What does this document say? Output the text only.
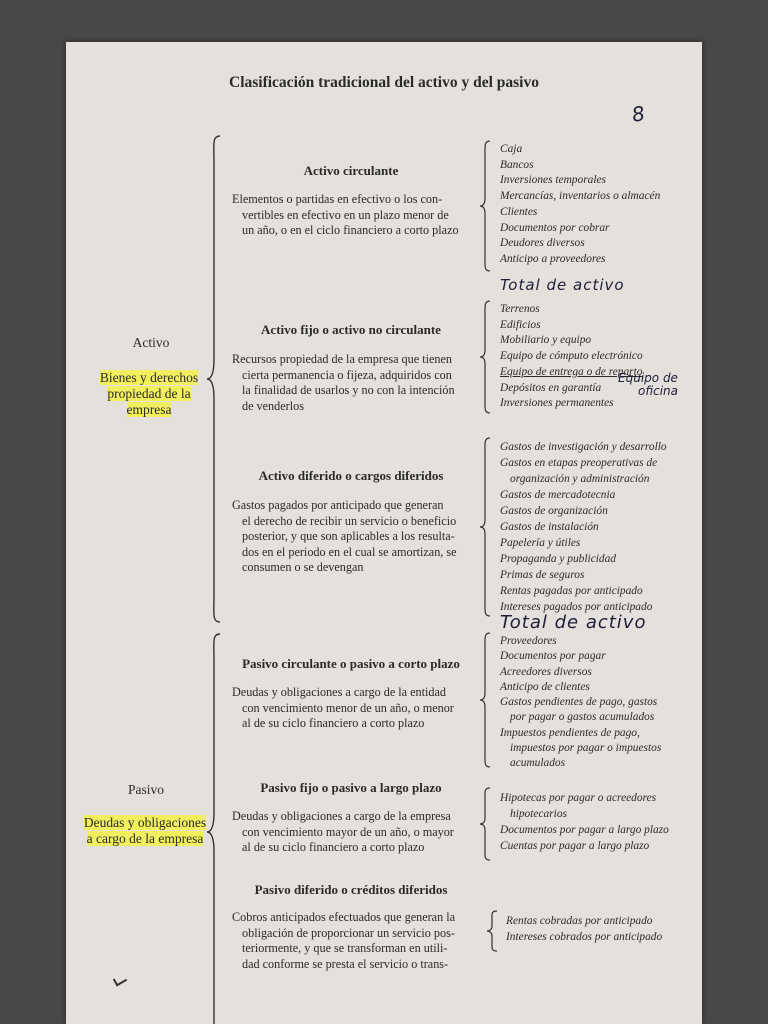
Clasificación tradicional del activo y del pasivo
8
Activo
Bienes y derechos
propiedad de la empresa
Pasivo
Deudas y obligaciones
a cargo de la empresa
Activo circulante
Elementos o partidas en efectivo o los con-
vertibles en efectivo en un plazo menor de
un año, o en el ciclo financiero a corto plazo
Caja
Bancos
Inversiones temporales
Mercancías, inventarios o almacén
Clientes
Documentos por cobrar
Deudores diversos
Anticipo a proveedores
Total de activo
Activo fijo o activo no circulante
Recursos propiedad de la empresa que tienen
cierta permanencia o fijeza, adquiridos con
la finalidad de usarlos y no con la intención
de venderlos
Terrenos
Edificios
Mobiliario y equipo
Equipo de cómputo electrónico
Equipo de entrega o de reparto
Depósitos en garantía
Inversiones permanentes
Equipo de
oficina
Activo diferido o cargos diferidos
Gastos pagados por anticipado que generan
el derecho de recibir un servicio o beneficio
posterior, y que son aplicables a los resulta-
dos en el periodo en el cual se amortizan, se
consumen o se devengan
Gastos de investigación y desarrollo
Gastos en etapas preoperativas de
organización y administración
Gastos de mercadotecnia
Gastos de organización
Gastos de instalación
Papelería y útiles
Propaganda y publicidad
Primas de seguros
Rentas pagadas por anticipado
Intereses pagados por anticipado
Total de activo
Pasivo circulante o pasivo a corto plazo
Deudas y obligaciones a cargo de la entidad
con vencimiento menor de un año, o menor
al de su ciclo financiero a corto plazo
Proveedores
Documentos por pagar
Acreedores diversos
Anticipo de clientes
Gastos pendientes de pago, gastos
por pagar o gastos acumulados
Impuestos pendientes de pago,
impuestos por pagar o impuestos
acumulados
Pasivo fijo o pasivo a largo plazo
Deudas y obligaciones a cargo de la empresa
con vencimiento mayor de un año, o mayor
al de su ciclo financiero a corto plazo
Hipotecas por pagar o acreedores
hipotecarios
Documentos por pagar a largo plazo
Cuentas por pagar a largo plazo
Pasivo diferido o créditos diferidos
Cobros anticipados efectuados que generan la
obligación de proporcionar un servicio pos-
teriormente, y que se transforman en utili-
dad conforme se presta el servicio o trans-
Rentas cobradas por anticipado
Intereses cobrados por anticipado
